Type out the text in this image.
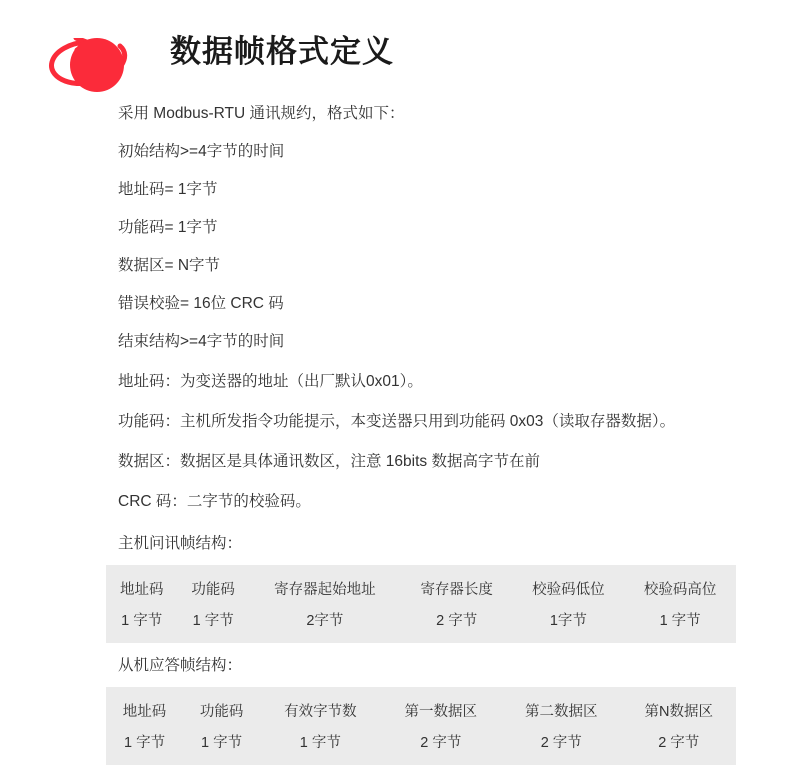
数据帧格式定义

采用 Modbus-RTU 通讯规约，格式如下：

初始结构>=4字节的时间

地址码= 1字节

功能码= 1字节

数据区= N字节

错误校验= 16位 CRC 码

结束结构>=4字节的时间

地址码：为变送器的地址（出厂默认0x01）。

功能码：主机所发指令功能提示，本变送器只用到功能码 0x03（读取存器数据）。

数据区：数据区是具体通讯数区，注意 16bits 数据高字节在前

CRC 码：二字节的校验码。

主机问讯帧结构：
地址码	功能码	寄存器起始地址	寄存器长度	校验码低位	校验码高位
1 字节	1 字节	2字节	2 字节	1字节	1 字节
从机应答帧结构：
地址码	功能码	有效字节数	第一数据区	第二数据区	第N数据区
1 字节	1 字节	1 字节	2 字节	2 字节	2 字节
